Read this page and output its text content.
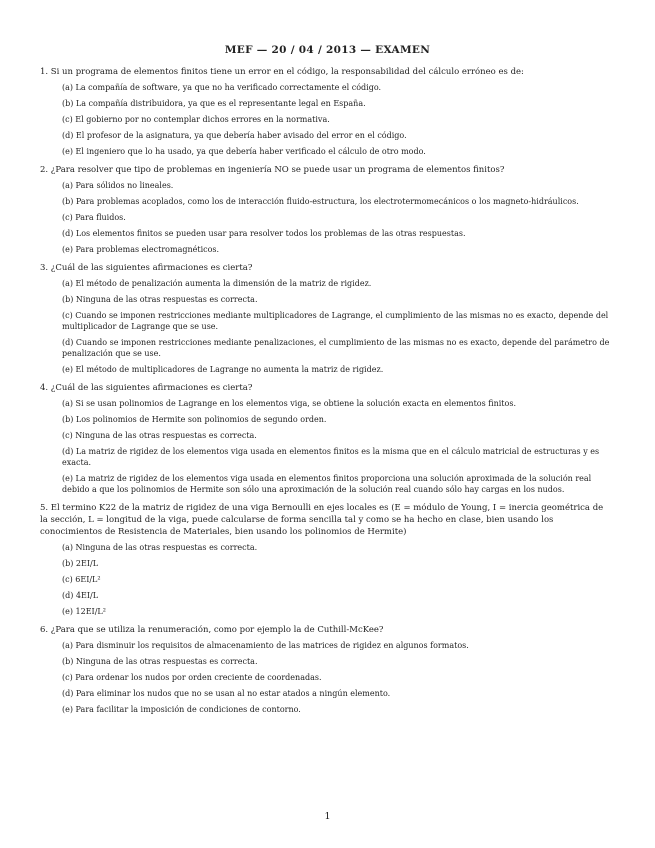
MEF — 20 / 04 / 2013 — EXAMEN
1. Si un programa de elementos finitos tiene un error en el código, la responsabilidad del cálculo erróneo es de:
(a) La compañía de software, ya que no ha verificado correctamente el código.
(b) La compañía distribuidora, ya que es el representante legal en España.
(c) El gobierno por no contemplar dichos errores en la normativa.
(d) El profesor de la asignatura, ya que debería haber avisado del error en el código.
(e) El ingeniero que lo ha usado, ya que debería haber verificado el cálculo de otro modo.
2. ¿Para resolver que tipo de problemas en ingeniería NO se puede usar un programa de elementos finitos?
(a) Para sólidos no lineales.
(b) Para problemas acoplados, como los de interacción fluido-estructura, los electrotermomecánicos o los magneto-hidráulicos.
(c) Para fluidos.
(d) Los elementos finitos se pueden usar para resolver todos los problemas de las otras respuestas.
(e) Para problemas electromagnéticos.
3. ¿Cuál de las siguientes afirmaciones es cierta?
(a) El método de penalización aumenta la dimensión de la matriz de rigidez.
(b) Ninguna de las otras respuestas es correcta.
(c) Cuando se imponen restricciones mediante multiplicadores de Lagrange, el cumplimiento de las mismas no es exacto, depende del multiplicador de Lagrange que se use.
(d) Cuando se imponen restricciones mediante penalizaciones, el cumplimiento de las mismas no es exacto, depende del parámetro de penalización que se use.
(e) El método de multiplicadores de Lagrange no aumenta la matriz de rigidez.
4. ¿Cuál de las siguientes afirmaciones es cierta?
(a) Si se usan polinomios de Lagrange en los elementos viga, se obtiene la solución exacta en elementos finitos.
(b) Los polinomios de Hermite son polinomios de segundo orden.
(c) Ninguna de las otras respuestas es correcta.
(d) La matriz de rigidez de los elementos viga usada en elementos finitos es la misma que en el cálculo matricial de estructuras y es exacta.
(e) La matriz de rigidez de los elementos viga usada en elementos finitos proporciona una solución aproximada de la solución real debido a que los polinomios de Hermite son sólo una aproximación de la solución real cuando sólo hay cargas en los nudos.
5. El termino K22 de la matriz de rigidez de una viga Bernoulli en ejes locales es (E = módulo de Young, I = inercia geométrica de la sección, L = longitud de la viga, puede calcularse de forma sencilla tal y como se ha hecho en clase, bien usando los conocimientos de Resistencia de Materiales, bien usando los polinomios de Hermite)
(a) Ninguna de las otras respuestas es correcta.
(b) 2EI/L
(c) 6EI/L²
(d) 4EI/L
(e) 12EI/L²
6. ¿Para que se utiliza la renumeración, como por ejemplo la de Cuthill-McKee?
(a) Para disminuir los requisitos de almacenamiento de las matrices de rigidez en algunos formatos.
(b) Ninguna de las otras respuestas es correcta.
(c) Para ordenar los nudos por orden creciente de coordenadas.
(d) Para eliminar los nudos que no se usan al no estar atados a ningún elemento.
(e) Para facilitar la imposición de condiciones de contorno.
1
